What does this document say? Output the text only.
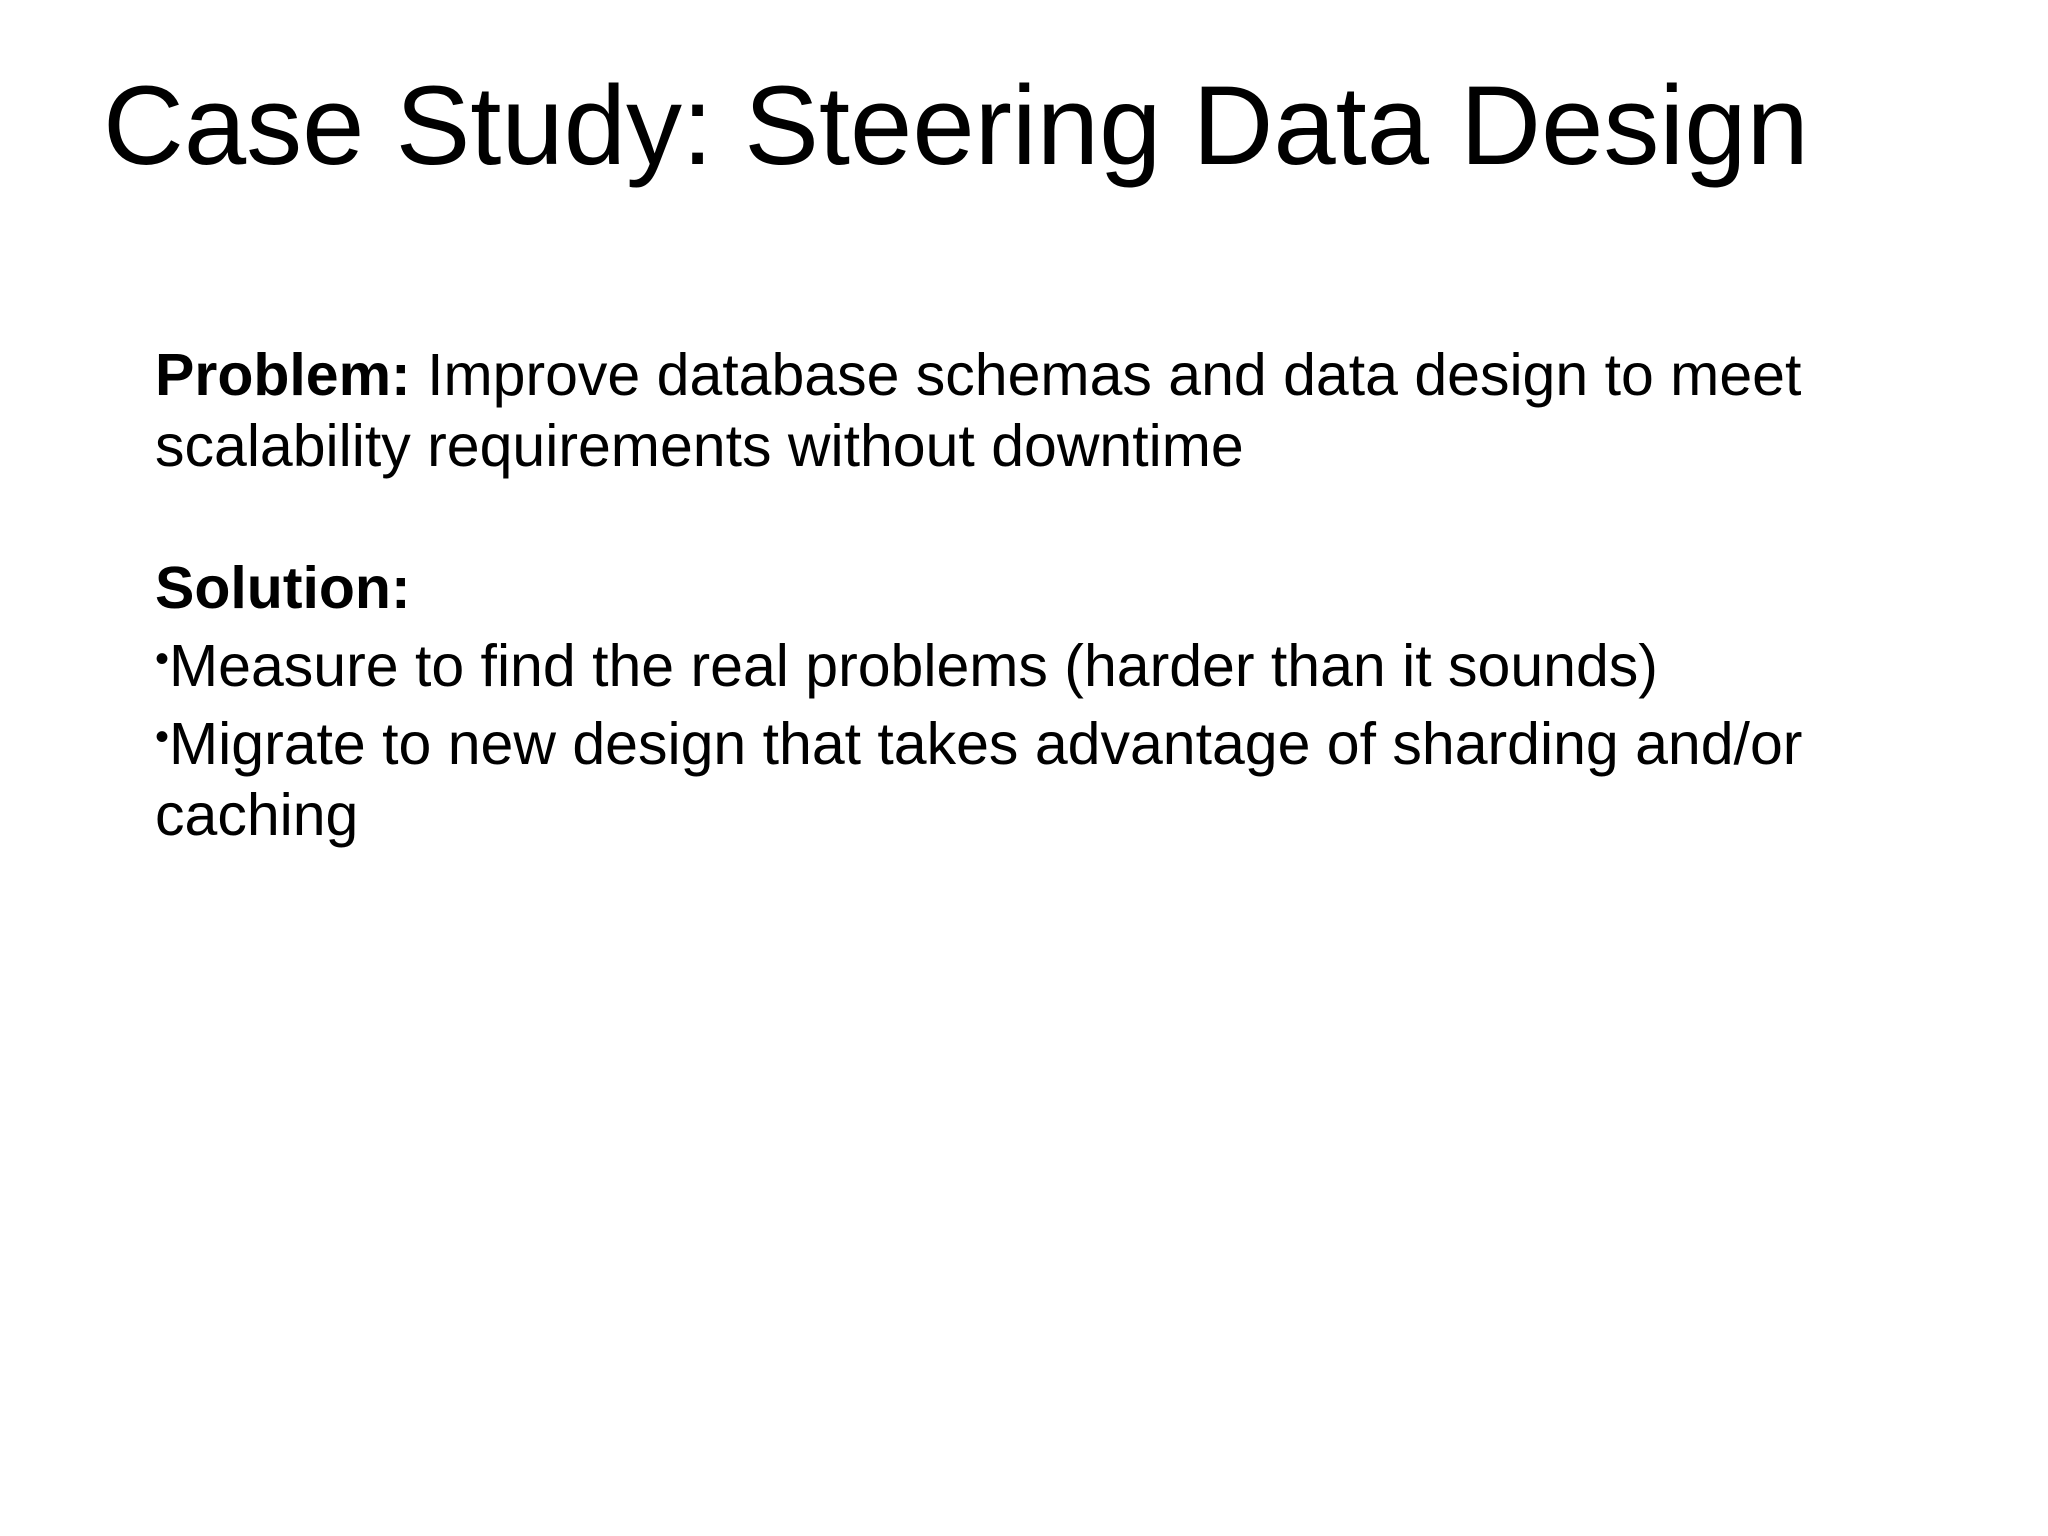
Case Study: Steering Data Design

Problem: Improve database schemas and data design to meet scalability requirements without downtime

Solution:

•Measure to find the real problems (harder than it sounds)

•Migrate to new design that takes advantage of sharding and/or caching
